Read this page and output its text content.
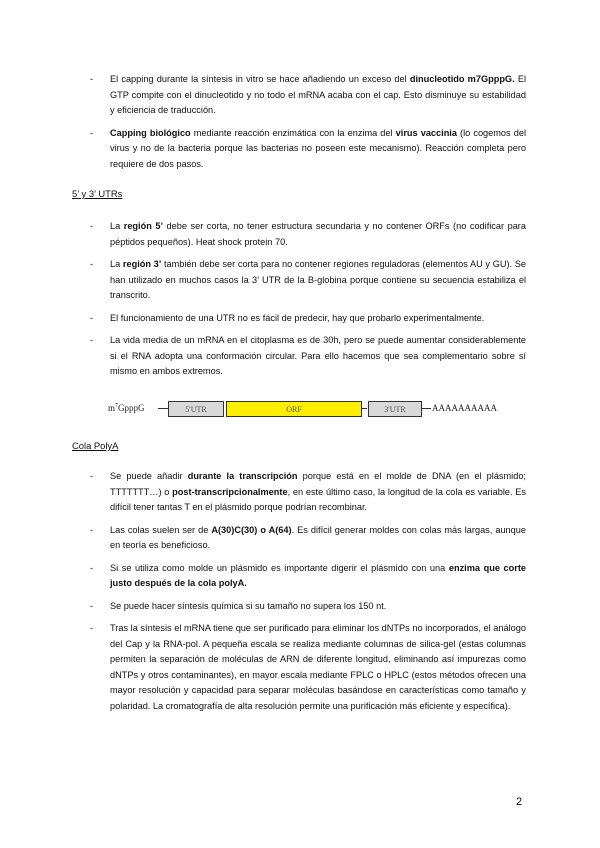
- El capping durante la síntesis in vitro se hace añadiendo un exceso del dinucleotido m7GpppG. El GTP compite con el dinucleotido y no todo el mRNA acaba con el cap. Esto disminuye su estabilidad y eficiencia de traducción.
- Capping biológico mediante reacción enzimática con la enzima del virus vaccinia (lo cogemos del virus y no de la bacteria porque las bacterias no poseen este mecanismo). Reacción completa pero requiere de dos pasos.
5’ y 3’ UTRs
- La región 5’ debe ser corta, no tener estructura secundaria y no contener ORFs (no codificar para péptidos pequeños). Heat shock protein 70.
- La región 3’ también debe ser corta para no contener regiones reguladoras (elementos AU y GU). Se han utilizado en muchos casos la 3’ UTR de la B-globina porque contiene su secuencia estabiliza el transcrito.
- El funcionamiento de una UTR no es fácil de predecir, hay que probarlo experimentalmente.
- La vida media de un mRNA en el citoplasma es de 30h, pero se puede aumentar considerablemente si el RNA adopta una conformación circular. Para ello hacemos que sea complementario sobre sí mismo en ambos extremos.
$m^7GpppG$	5'UTR	ORF	3'UTR	AAAAAAAAAA
Cola PolyA
- Se puede añadir durante la transcripción porque está en el molde de DNA (en el plásmido; TTTTTTT…) o post-transcripcionalmente, en este último caso, la longitud de la cola es variable. Es difícil tener tantas T en el plásmido porque podrían recombinar.
- Las colas suelen ser de A(30)C(30) o A(64). Es difícil generar moldes con colas más largas, aunque en teoría es beneficioso.
- Si se utiliza como molde un plásmido es importante digerir el plásmido con una enzima que corte justo después de la cola polyA.
- Se puede hacer síntesis química si su tamaño no supera los 150 nt.
- Tras la síntesis el mRNA tiene que ser purificado para eliminar los dNTPs no incorporados, el análogo del Cap y la RNA-pol. A pequeña escala se realiza mediante columnas de silica-gel (estas columnas permiten la separación de moléculas de ARN de diferente longitud, eliminando así impurezas como dNTPs y otros contaminantes), en mayor escala mediante FPLC o HPLC (estos métodos ofrecen una mayor resolución y capacidad para separar moléculas basándose en características como tamaño y polaridad. La cromatografía de alta resolución permite una purificación más eficiente y específica).
2
